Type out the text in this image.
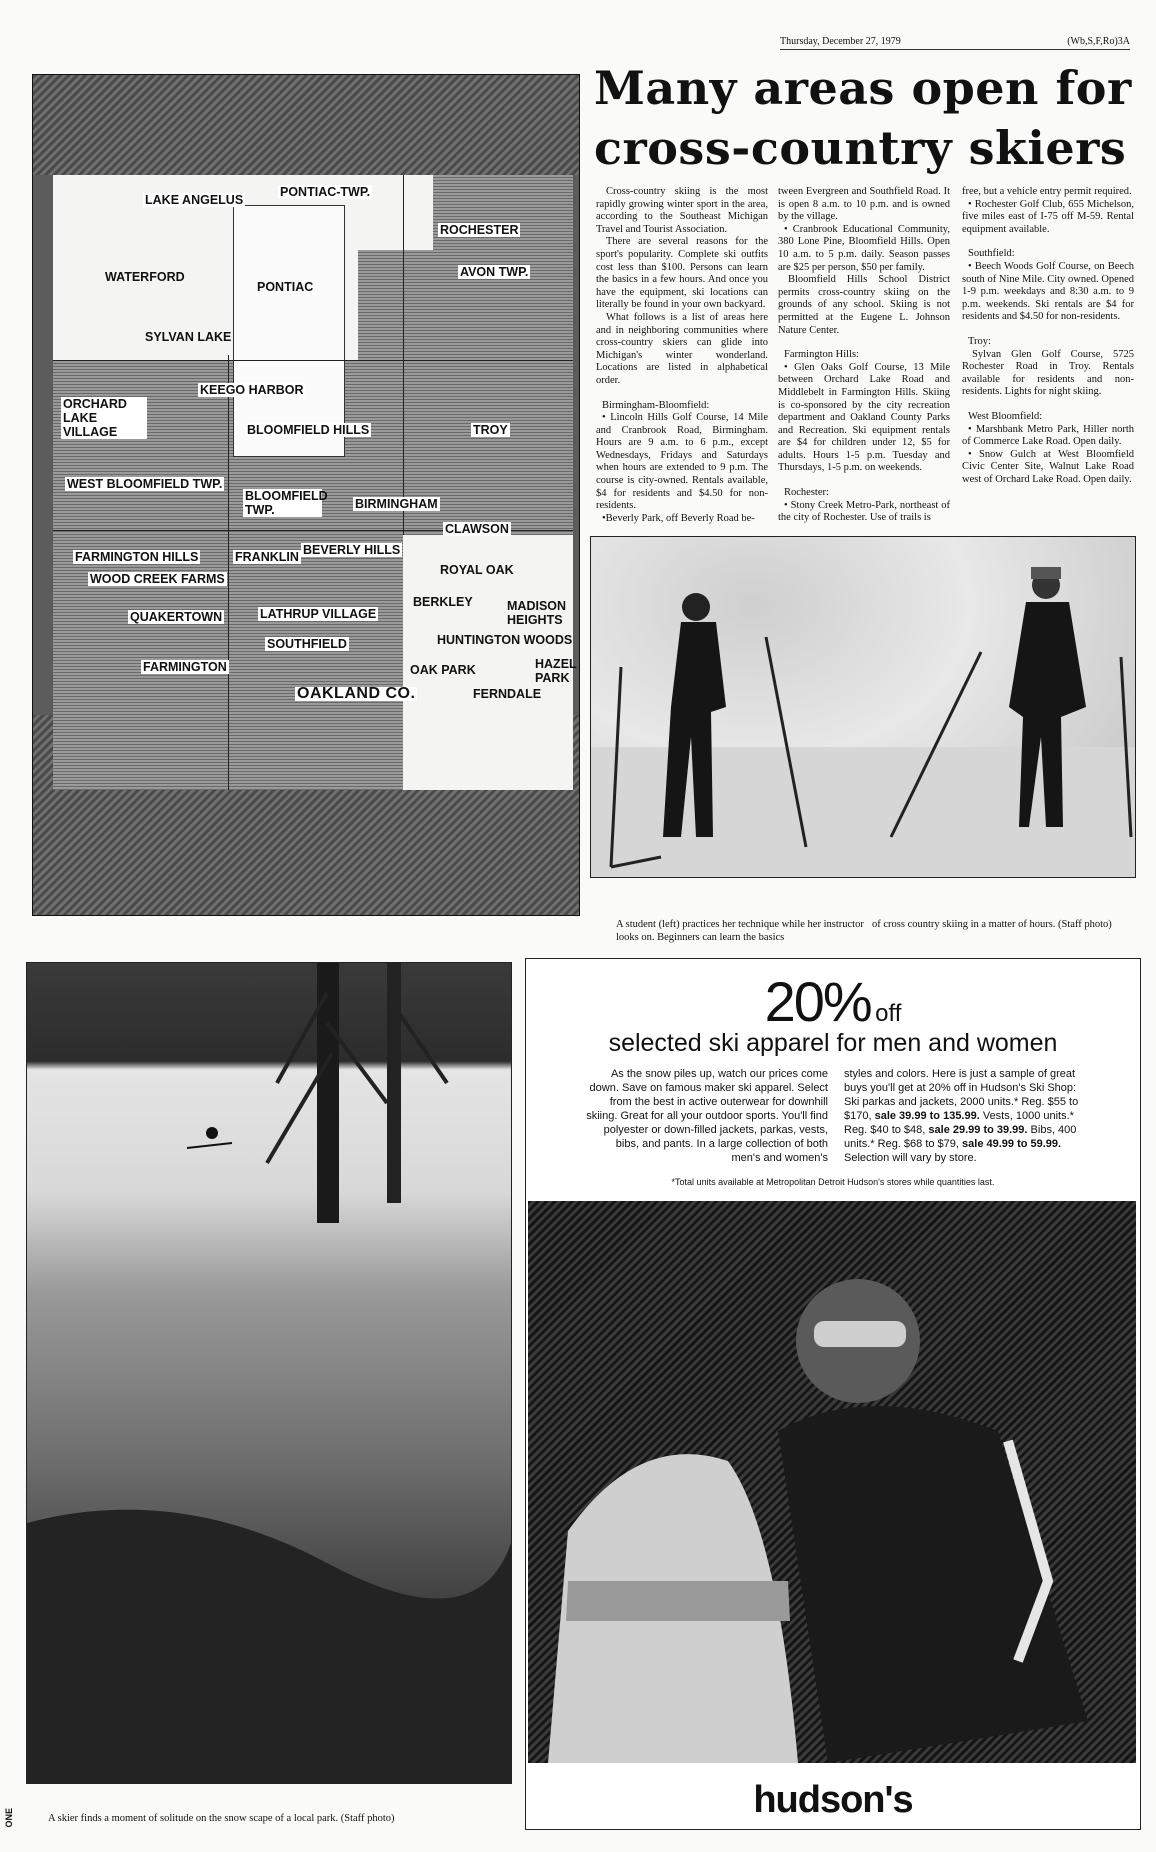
Thursday, December 27, 1979	(Wb,S,F,Ro)3A
Many areas open for
cross-country skiers
LAKE ANGELUS
PONTIAC-TWP.
ROCHESTER
AVON TWP.
WATERFORD
PONTIAC
SYLVAN LAKE
KEEGO HARBOR
ORCHARD LAKE VILLAGE	BLOOMFIELD HILLS	TROY
WEST BLOOMFIELD TWP.
BLOOMFIELD TWP.	BIRMINGHAM
CLAWSON
FARMINGTON HILLS	FRANKLIN BEVERLY HILLS
ROYAL OAK
WOOD CREEK FARMS
BERKLEY	MADISON HEIGHTS
QUAKERTOWN	LATHRUP VILLAGE
HUNTINGTON WOODS
SOUTHFIELD
FARMINGTON	OAK PARK	HAZEL PARK
OAKLAND CO.	FERNDALE

Cross-country skiing is the most rapidly growing winter sport in the area, according to the Southeast Michigan Travel and Tourist Association.

There are several reasons for the sport's popularity. Complete ski outfits cost less than $100. Persons can learn the basics in a few hours. And once you have the equipment, ski locations can literally be found in your own backyard.

What follows is a list of areas here and in neighboring communities where cross-country skiers can glide into Michigan's winter wonderland. Locations are listed in alphabetical order.

Birmingham-Bloomfield:

• Lincoln Hills Golf Course, 14 Mile and Cranbrook Road, Birmingham. Hours are 9 a.m. to 6 p.m., except Wednesdays, Fridays and Saturdays when hours are extended to 9 p.m. The course is city-owned. Rentals available, $4 for residents and $4.50 for non-residents.

•Beverly Park, off Beverly Road be-

tween Evergreen and Southfield Road. It is open 8 a.m. to 10 p.m. and is owned by the village.

• Cranbrook Educational Community, 380 Lone Pine, Bloomfield Hills. Open 10 a.m. to 5 p.m. daily. Season passes are $25 per person, $50 per family.

Bloomfield Hills School District permits cross-country skiing on the grounds of any school. Skiing is not permitted at the Eugene L. Johnson Nature Center.

Farmington Hills:

• Glen Oaks Golf Course, 13 Mile between Orchard Lake Road and Middlebelt in Farmington Hills. Skiing is co-sponsored by the city recreation department and Oakland County Parks and Recreation. Ski equipment rentals are $4 for children under 12, $5 for adults. Hours 1-5 p.m. Tuesday and Thursdays, 1-5 p.m. on weekends.

Rochester:

• Stony Creek Metro-Park, northeast of the city of Rochester. Use of trails is

free, but a vehicle entry permit required.

• Rochester Golf Club, 655 Michelson, five miles east of I-75 off M-59. Rental equipment available.

Southfield:

• Beech Woods Golf Course, on Beech south of Nine Mile. City owned. Opened 1-9 p.m. weekdays and 8:30 a.m. to 9 p.m. weekends. Ski rentals are $4 for residents and $4.50 for non-residents.

Troy:

Sylvan Glen Golf Course, 5725 Rochester Road in Troy. Rentals available for residents and non-residents. Lights for night skiing.

West Bloomfield:

• Marshbank Metro Park, Hiller north of Commerce Lake Road. Open daily.

• Snow Gulch at West Bloomfield Civic Center Site, Walnut Lake Road west of Orchard Lake Road. Open daily.

A student (left) practices her technique while her instructor looks on. Beginners can learn the basics
of cross country skiing in a matter of hours. (Staff photo)
A skier finds a moment of solitude on the snow scape of a local park. (Staff photo)
ONE
20% off
selected ski apparel for men and women
As the snow piles up, watch our prices come down. Save on famous maker ski apparel. Select from the best in active outerwear for downhill skiing. Great for all your outdoor sports. You'll find polyester or down-filled jackets, parkas, vests, bibs, and pants. In a large collection of both men's and women's
styles and colors. Here is just a sample of great buys you'll get at 20% off in Hudson's Ski Shop: Ski parkas and jackets, 2000 units.* Reg. $55 to $170, sale 39.99 to 135.99. Vests, 1000 units.* Reg. $40 to $48, sale 29.99 to 39.99. Bibs, 400 units.* Reg. $68 to $79, sale 49.99 to 59.99. Selection will vary by store.
*Total units available at Metropolitan Detroit Hudson's stores while quantities last.
hudson's
